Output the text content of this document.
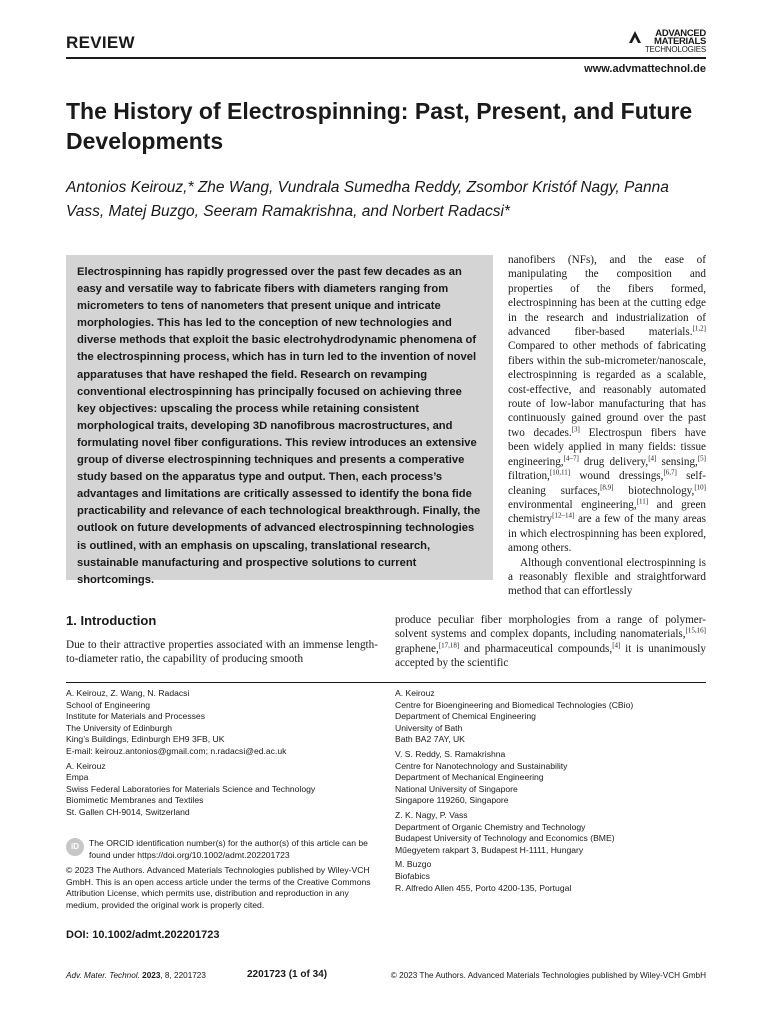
REVIEW	ADVANCED
MATERIALS
TECHNOLOGIES
www.advmattechnol.de
The History of Electrospinning: Past, Present, and Future Developments

Antonios Keirouz,* Zhe Wang, Vundrala Sumedha Reddy, Zsombor Kristóf Nagy, Panna Vass, Matej Buzgo, Seeram Ramakrishna, and Norbert Radacsi*

Electrospinning has rapidly progressed over the past few decades as an easy and versatile way to fabricate fibers with diameters ranging from micrometers to tens of nanometers that present unique and intricate morphologies. This has led to the conception of new technologies and diverse methods that exploit the basic electrohydrodynamic phenomena of the electrospinning process, which has in turn led to the invention of novel apparatuses that have reshaped the field. Research on revamping conventional electrospinning has principally focused on achieving three key objectives: upscaling the process while retaining consistent morphological traits, developing 3D nanofibrous macrostructures, and formulating novel fiber configurations. This review introduces an extensive group of diverse electrospinning techniques and presents a comperative study based on the apparatus type and output. Then, each process’s advantages and limitations are critically assessed to identify the bona fide practicability and relevance of each technological breakthrough. Finally, the outlook on future developments of advanced electrospinning technologies is outlined, with an emphasis on upscaling, translational research, sustainable manufacturing and prospective solutions to current shortcomings.

nanofibers (NFs), and the ease of manipulating the composition and properties of the fibers formed, electrospinning has been at the cutting edge in the research and industrialization of advanced fiber-based materials.[1,2] Compared to other methods of fabricating fibers within the sub-micrometer/nanoscale, electrospinning is regarded as a scalable, cost-effective, and reasonably automated route of low-labor manufacturing that has continuously gained ground over the past two decades.[3] Electrospun fibers have been widely applied in many fields: tissue engineering,[4–7] drug delivery,[4] sensing,[5] filtration,[10,11] wound dressings,[6,7] self-cleaning surfaces,[8,9] biotechnology,[10] environmental engineering,[11] and green chemistry[12–14] are a few of the many areas in which electrospinning has been explored, among others.

Although conventional electrospinning is a reasonably flexible and straightforward method that can effortlessly

1. Introduction

Due to their attractive properties associated with an immense length-to-diameter ratio, the capability of producing smooth

produce peculiar fiber morphologies from a range of polymer-solvent systems and complex dopants, including nanomaterials,[15,16] graphene,[17,18] and pharmaceutical compounds,[4] it is unanimously accepted by the scientific

A. Keirouz, Z. Wang, N. Radacsi
School of Engineering
Institute for Materials and Processes
The University of Edinburgh
King’s Buildings, Edinburgh EH9 3FB, UK
E-mail: keirouz.antonios@gmail.com; n.radacsi@ed.ac.uk
A. Keirouz
Empa
Swiss Federal Laboratories for Materials Science and Technology
Biomimetic Membranes and Textiles
St. Gallen CH-9014, Switzerland
A. Keirouz
Centre for Bioengineering and Biomedical Technologies (CBio)
Department of Chemical Engineering
University of Bath
Bath BA2 7AY, UK
V. S. Reddy, S. Ramakrishna
Centre for Nanotechnology and Sustainability
Department of Mechanical Engineering
National University of Singapore
Singapore 119260, Singapore
Z. K. Nagy, P. Vass
Department of Organic Chemistry and Technology
Budapest University of Technology and Economics (BME)
Műegyetem rakpart 3, Budapest H-1111, Hungary
M. Buzgo
Biofabics
R. Alfredo Allen 455, Porto 4200-135, Portugal
iD	The ORCID identification number(s) for the author(s) of this article can be found under https://doi.org/10.1002/admt.202201723

© 2023 The Authors. Advanced Materials Technologies published by Wiley-VCH GmbH. This is an open access article under the terms of the Creative Commons Attribution License, which permits use, distribution and reproduction in any medium, provided the original work is properly cited.

DOI: 10.1002/admt.202201723
Adv. Mater. Technol. 2023, 8, 2201723	2201723 (1 of 34)	© 2023 The Authors. Advanced Materials Technologies published by Wiley-VCH GmbH
